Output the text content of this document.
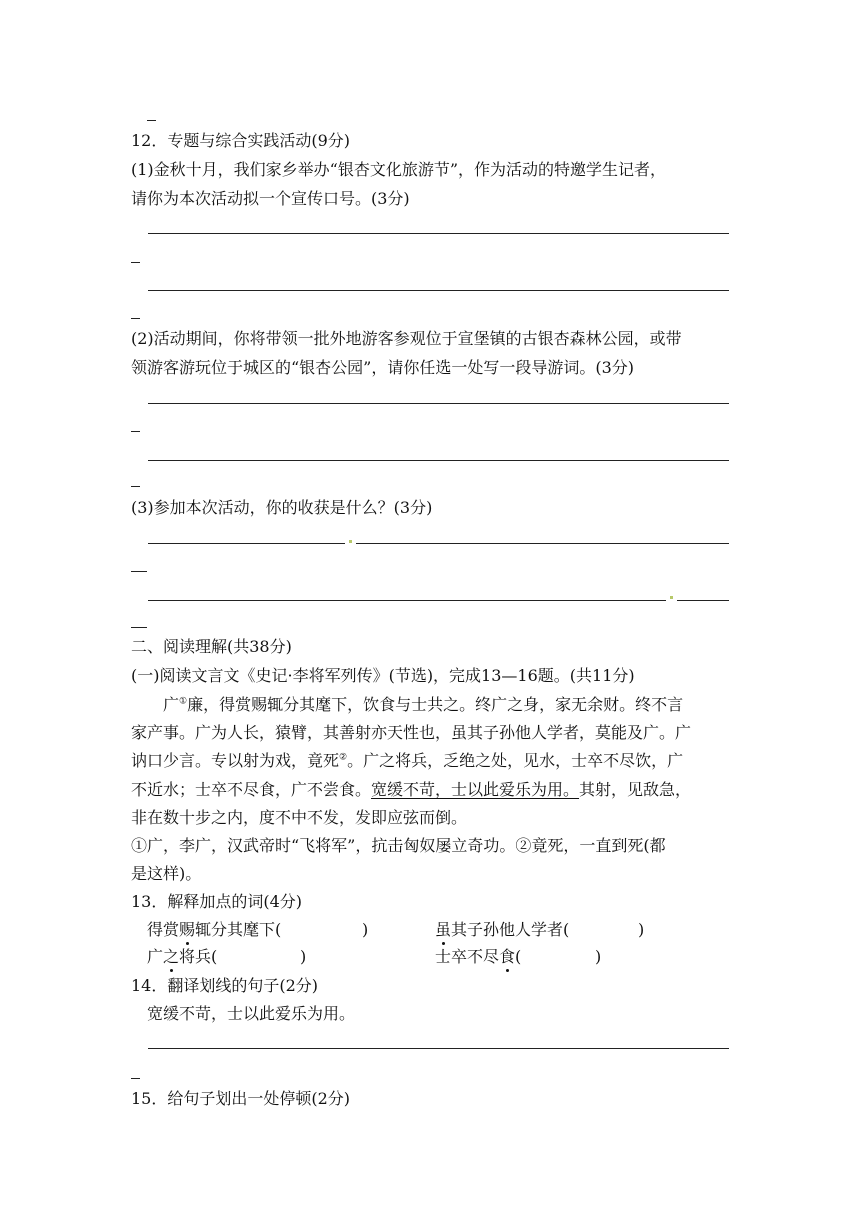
12．专题与综合实践活动(9分)
(1)金秋十月，我们家乡举办“银杏文化旅游节”，作为活动的特邀学生记者，
请你为本次活动拟一个宣传口号。(3分)
(2)活动期间，你将带领一批外地游客参观位于宣堡镇的古银杏森林公园，或带
领游客游玩位于城区的“银杏公园”，请你任选一处写一段导游词。(3分)
(3)参加本次活动，你的收获是什么？(3分)
二、阅读理解(共38分)
(一)阅读文言文《史记·李将军列传》(节选)，完成13—16题。(共11分)
广①廉，得赏赐辄分其麾下，饮食与士共之。终广之身，家无余财。终不言
家产事。广为人长，猿臂，其善射亦天性也，虽其子孙他人学者，莫能及广。广
讷口少言。专以射为戏，竟死②。广之将兵，乏绝之处，见水，士卒不尽饮，广
不近水；士卒不尽食，广不尝食。宽缓不苛，士以此爱乐为用。其射，见敌急，
非在数十步之内，度不中不发，发即应弦而倒。
①广，李广，汉武帝时“飞将军”，抗击匈奴屡立奇功。②竟死，一直到死(都
是这样)。
13．解释加点的词(4分)
得赏赐辄分其麾下(	)	虽其子孙他人学者(	)
广之将兵(	)	士卒不尽食(	)
14．翻译划线的句子(2分)
宽缓不苛，士以此爱乐为用。
15．给句子划出一处停顿(2分)
